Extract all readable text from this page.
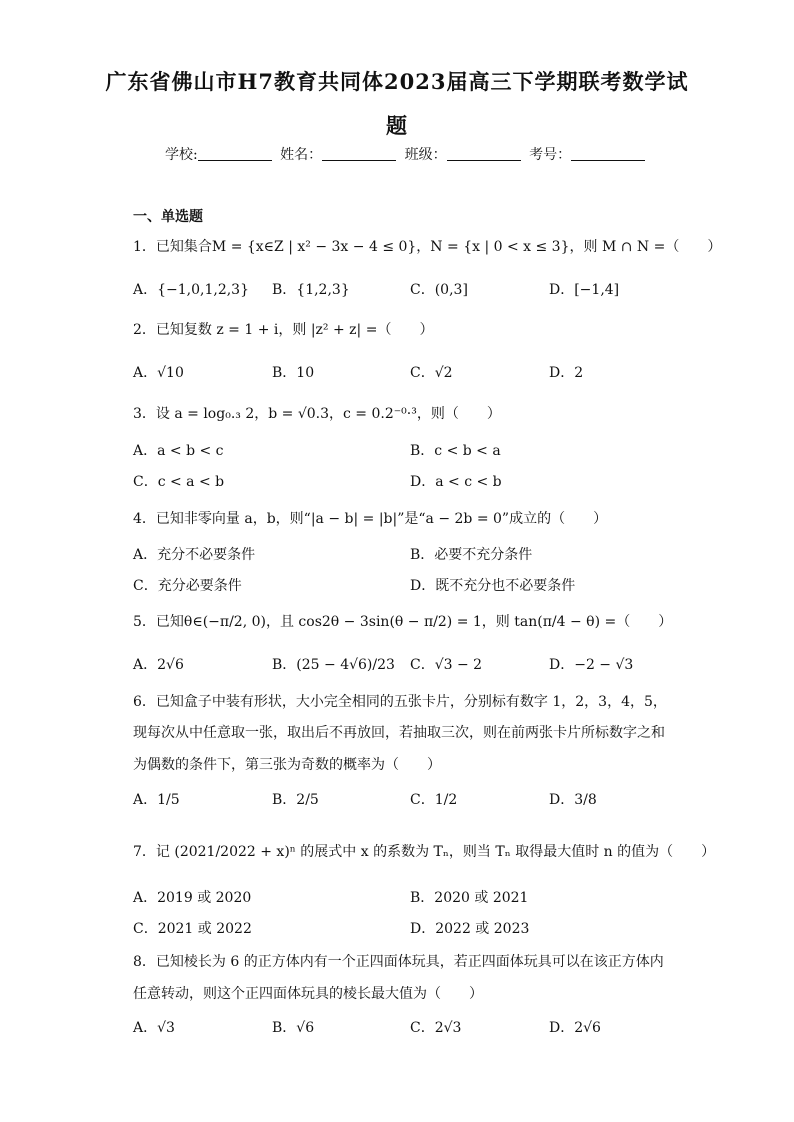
广东省佛山市H7教育共同体2023届高三下学期联考数学试
题
学校:	姓名：	班级：	考号：
一、单选题
1．已知集合M = {x∈Z | x² − 3x − 4 ≤ 0}，N = {x | 0 < x ≤ 3}，则 M ∩ N =（　　）
A．{−1,0,1,2,3} B．{1,2,3}	C．(0,3]	D．[−1,4]
2．已知复数 z = 1 + i，则 |z² + z| =（　　）
A．√10	B．10	C．√2	D．2
3．设 a = log₀.₃ 2，b = √0.3，c = 0.2⁻⁰·³，则（　　）
A．a < b < c	B．c < b < a
C．c < a < b	D．a < c < b
4．已知非零向量 a，b，则“|a − b| = |b|”是“a − 2b = 0”成立的（　　）
A．充分不必要条件	B．必要不充分条件
C．充分必要条件	D．既不充分也不必要条件
5．已知θ∈(−π/2, 0)，且 cos2θ − 3sin(θ − π/2) = 1，则 tan(π/4 − θ) =（　　）
A．2√6	B．(25 − 4√6)/23 C．√3 − 2	D．−2 − √3
6．已知盒子中装有形状，大小完全相同的五张卡片，分别标有数字 1，2，3，4，5，
现每次从中任意取一张，取出后不再放回，若抽取三次，则在前两张卡片所标数字之和
为偶数的条件下，第三张为奇数的概率为（　　）
A．1/5	B．2/5	C．1/2	D．3/8
7．记 (2021/2022 + x)ⁿ 的展式中 x 的系数为 Tₙ，则当 Tₙ 取得最大值时 n 的值为（　　）
A．2019 或 2020	B．2020 或 2021
C．2021 或 2022	D．2022 或 2023
8．已知棱长为 6 的正方体内有一个正四面体玩具，若正四面体玩具可以在该正方体内
任意转动，则这个正四面体玩具的棱长最大值为（　　）
A．√3	B．√6	C．2√3	D．2√6
